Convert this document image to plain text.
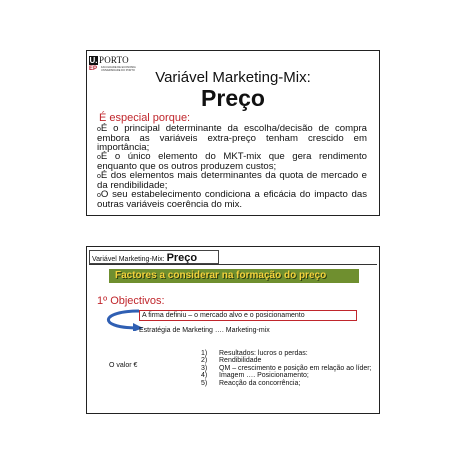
U. PORTO
EP	FACULDADE DE ECONOMIA
UNIVERSIDADE DO PORTO	Variável Marketing-Mix:
Preço
É especial porque:
oÉ o principal determinante da escolha/decisão de compra embora as variáveis extra-preço tenham crescido em importância;
oÉ o único elemento do MKT-mix que gera rendimento enquanto que os outros produzem custos;
oÉ dos elementos mais determinantes da quota de mercado e da rendibilidade;
oO seu estabelecimento condiciona a eficácia do impacto das outras variáveis coerência do mix.
Variável Marketing-Mix: Preço
Factores a considerar na formação do preço
1º Objectivos:
A firma definiu – o mercado alvo e o posicionamento
Estratégia de Marketing …. Marketing-mix
O valor €
1)	Resultados: lucros o perdas:
2)	Rendibilidade
3)	QM – crescimento e posição em relação ao líder;
4)	Imagem …. Posicionamento;
5)	Reacção da concorrência;
